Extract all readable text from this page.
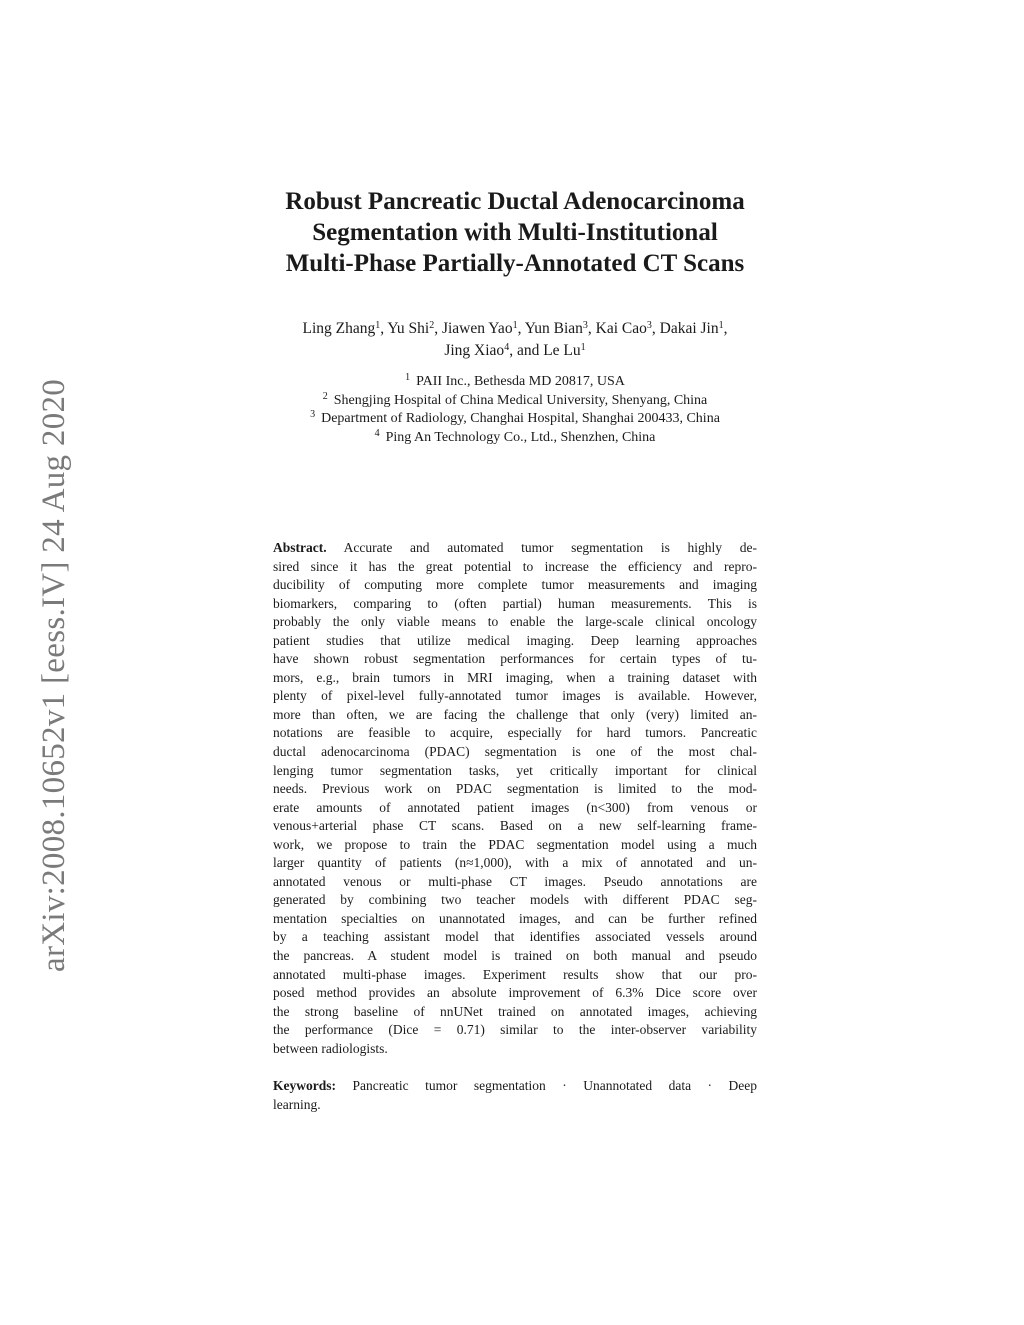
arXiv:2008.10652v1 [eess.IV] 24 Aug 2020
Robust Pancreatic Ductal Adenocarcinoma
Segmentation with Multi-Institutional
Multi-Phase Partially-Annotated CT Scans
Ling Zhang$^1$, Yu Shi$^2$, Jiawen Yao$^1$, Yun Bian$^3$, Kai Cao$^3$, Dakai Jin$^1$,
Jing Xiao$^4$, and Le Lu$^1$
$^1$ PAII Inc., Bethesda MD 20817, USA
$^2$ Shengjing Hospital of China Medical University, Shenyang, China
$^3$ Department of Radiology, Changhai Hospital, Shanghai 200433, China
$^4$ Ping An Technology Co., Ltd., Shenzhen, China
Abstract. Accurate and automated tumor segmentation is highly de-
sired since it has the great potential to increase the efficiency and repro-
ducibility of computing more complete tumor measurements and imaging
biomarkers, comparing to (often partial) human measurements. This is
probably the only viable means to enable the large-scale clinical oncology
patient studies that utilize medical imaging. Deep learning approaches
have shown robust segmentation performances for certain types of tu-
mors, e.g., brain tumors in MRI imaging, when a training dataset with
plenty of pixel-level fully-annotated tumor images is available. However,
more than often, we are facing the challenge that only (very) limited an-
notations are feasible to acquire, especially for hard tumors. Pancreatic
ductal adenocarcinoma (PDAC) segmentation is one of the most chal-
lenging tumor segmentation tasks, yet critically important for clinical
needs. Previous work on PDAC segmentation is limited to the mod-
erate amounts of annotated patient images (n<300) from venous or
venous+arterial phase CT scans. Based on a new self-learning frame-
work, we propose to train the PDAC segmentation model using a much
larger quantity of patients (n≈1,000), with a mix of annotated and un-
annotated venous or multi-phase CT images. Pseudo annotations are
generated by combining two teacher models with different PDAC seg-
mentation specialties on unannotated images, and can be further refined
by a teaching assistant model that identifies associated vessels around
the pancreas. A student model is trained on both manual and pseudo
annotated multi-phase images. Experiment results show that our pro-
posed method provides an absolute improvement of 6.3% Dice score over
the strong baseline of nnUNet trained on annotated images, achieving
the performance (Dice = 0.71) similar to the inter-observer variability
between radiologists.
Keywords: Pancreatic tumor segmentation · Unannotated data · Deep
learning.
